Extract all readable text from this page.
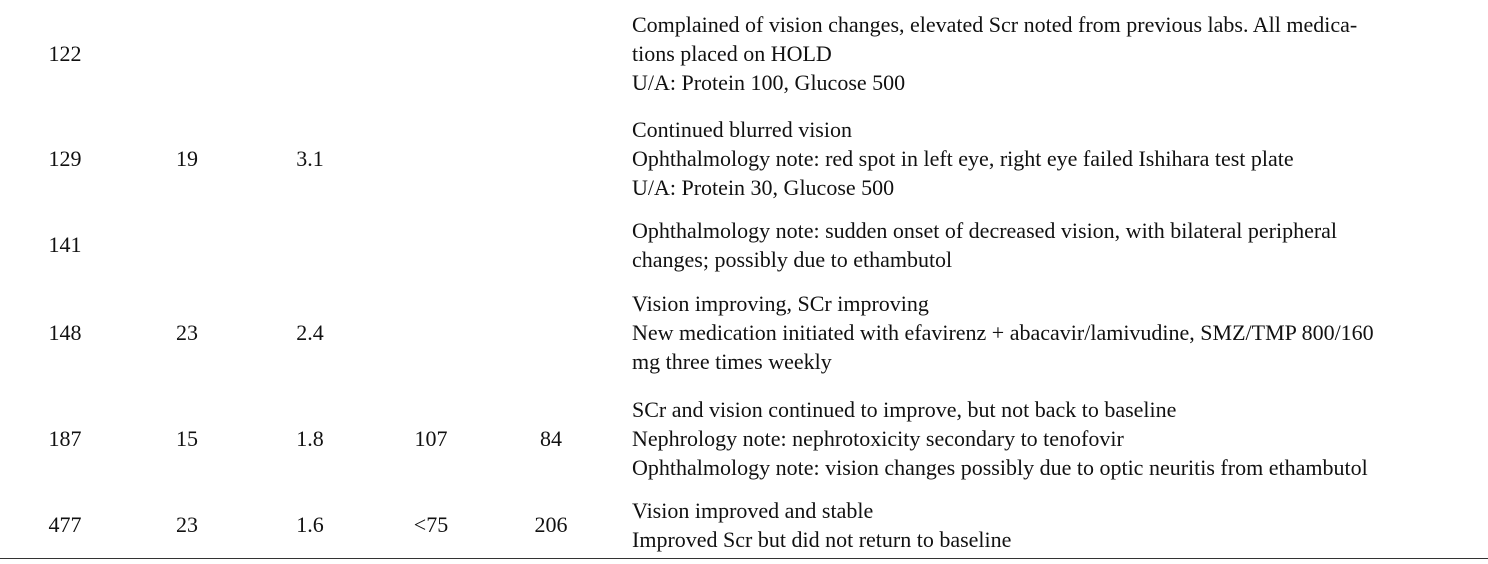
122
Complained of vision changes, elevated Scr noted from previous labs. All medica-
tions placed on HOLD
U/A: Protein 100, Glucose 500
129	19	3.1
Continued blurred vision
Ophthalmology note: red spot in left eye, right eye failed Ishihara test plate
U/A: Protein 30, Glucose 500
141
Ophthalmology note: sudden onset of decreased vision, with bilateral peripheral
changes; possibly due to ethambutol
148	23	2.4
Vision improving, SCr improving
New medication initiated with efavirenz + abacavir/lamivudine, SMZ/TMP 800/160
mg three times weekly
187	15	1.8	107	84
SCr and vision continued to improve, but not back to baseline
Nephrology note: nephrotoxicity secondary to tenofovir
Ophthalmology note: vision changes possibly due to optic neuritis from ethambutol
477	23	1.6	<75	206
Vision improved and stable
Improved Scr but did not return to baseline
